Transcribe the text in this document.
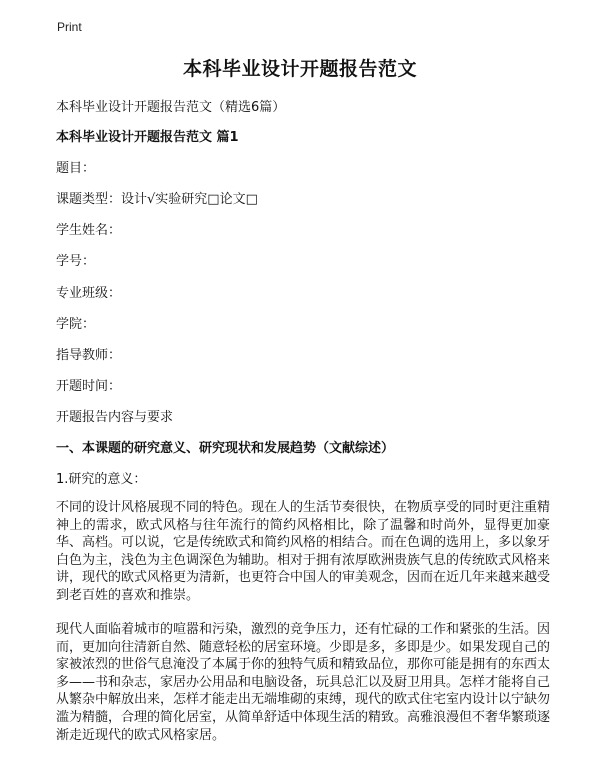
Print
本科毕业设计开题报告范文
本科毕业设计开题报告范文（精选6篇）
本科毕业设计开题报告范文 篇1
题目：
课题类型：设计√实验研究□论文□
学生姓名：
学号：
专业班级：
学院：
指导教师：
开题时间：
开题报告内容与要求
一、本课题的研究意义、研究现状和发展趋势（文献综述）
1.研究的意义：
不同的设计风格展现不同的特色。现在人的生活节奏很快，在物质享受的同时更注重精神上的需求，欧式风格与往年流行的简约风格相比，除了温馨和时尚外，显得更加豪华、高档。可以说，它是传统欧式和简约风格的相结合。而在色调的选用上，多以象牙白色为主，浅色为主色调深色为辅助。相对于拥有浓厚欧洲贵族气息的传统欧式风格来讲，现代的欧式风格更为清新，也更符合中国人的审美观念，因而在近几年来越来越受到老百姓的喜欢和推崇。
现代人面临着城市的喧嚣和污染，激烈的竞争压力，还有忙碌的工作和紧张的生活。因而，更加向往清新自然、随意轻松的居室环境。少即是多，多即是少。如果发现自己的家被浓烈的世俗气息淹没了本属于你的独特气质和精致品位，那你可能是拥有的东西太多——书和杂志，家居办公用品和电脑设备，玩具总汇以及厨卫用具。怎样才能将自己从繁杂中解放出来，怎样才能走出无端堆砌的束缚，现代的欧式住宅室内设计以宁缺勿滥为精髓，合理的简化居室，从简单舒适中体现生活的精致。高雅浪漫但不奢华繁琐逐渐走近现代的欧式风格家居。
